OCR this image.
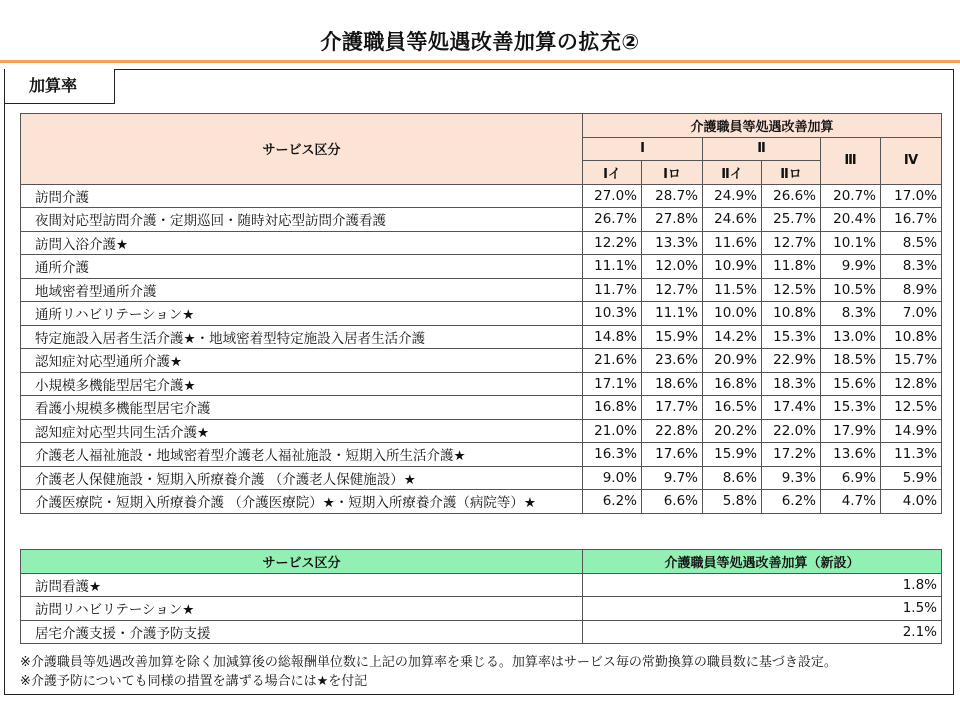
介護職員等処遇改善加算の拡充②
加算率
サービス区分	介護職員等処遇改善加算					
	Ⅰ		Ⅱ		Ⅲ	Ⅳ
	Ⅰイ	Ⅰロ	Ⅱイ	Ⅱロ		
訪問介護	27.0%	28.7%	24.9%	26.6%	20.7%	17.0%
夜間対応型訪問介護・定期巡回・随時対応型訪問介護看護	26.7%	27.8%	24.6%	25.7%	20.4%	16.7%
訪問入浴介護★	12.2%	13.3%	11.6%	12.7%	10.1%	8.5%
通所介護	11.1%	12.0%	10.9%	11.8%	9.9%	8.3%
地域密着型通所介護	11.7%	12.7%	11.5%	12.5%	10.5%	8.9%
通所リハビリテーション★	10.3%	11.1%	10.0%	10.8%	8.3%	7.0%
特定施設入居者生活介護★・地域密着型特定施設入居者生活介護	14.8%	15.9%	14.2%	15.3%	13.0%	10.8%
認知症対応型通所介護★	21.6%	23.6%	20.9%	22.9%	18.5%	15.7%
小規模多機能型居宅介護★	17.1%	18.6%	16.8%	18.3%	15.6%	12.8%
看護小規模多機能型居宅介護	16.8%	17.7%	16.5%	17.4%	15.3%	12.5%
認知症対応型共同生活介護★	21.0%	22.8%	20.2%	22.0%	17.9%	14.9%
介護老人福祉施設・地域密着型介護老人福祉施設・短期入所生活介護★	16.3%	17.6%	15.9%	17.2%	13.6%	11.3%
介護老人保健施設・短期入所療養介護 （介護老人保健施設）★	9.0%	9.7%	8.6%	9.3%	6.9%	5.9%
介護医療院・短期入所療養介護 （介護医療院）★・短期入所療養介護（病院等）★	6.2%	6.6%	5.8%	6.2%	4.7%	4.0%
サービス区分	介護職員等処遇改善加算（新設）
訪問看護★	1.8%
訪問リハビリテーション★	1.5%
居宅介護支援・介護予防支援	2.1%
※介護職員等処遇改善加算を除く加減算後の総報酬単位数に上記の加算率を乗じる。加算率はサービス毎の常勤換算の職員数に基づき設定。
※介護予防についても同様の措置を講ずる場合には★を付記
